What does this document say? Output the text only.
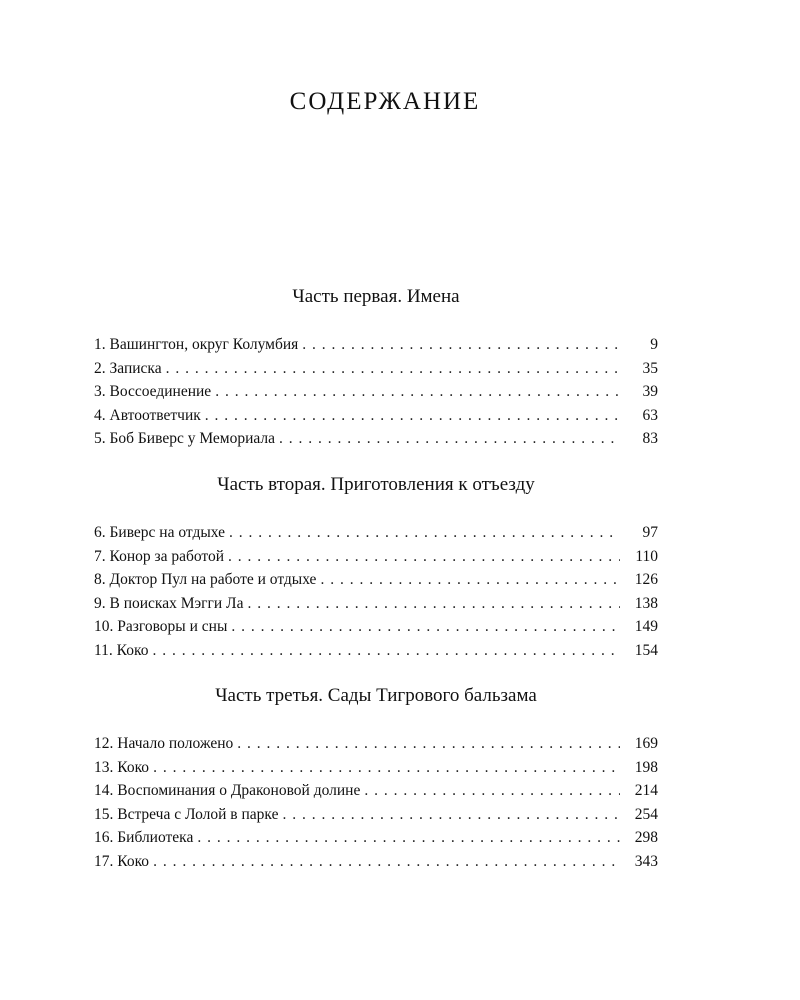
СОДЕРЖАНИЕ
Часть первая. Имена
1. Вашингтон, округ Колумбия . . .	9
2. Записка . . .	35
3. Воссоединение . . .	39
4. Автоответчик . . .	63
5. Боб Биверс у Мемориала . . .	83
Часть вторая. Приготовления к отъезду
6. Биверс на отдыхе . . .	97
7. Конор за работой . . .	110
8. Доктор Пул на работе и отдыхе . . .	126
9. В поисках Мэгги Ла . . .	138
10. Разговоры и сны . . .	149
11. Коко . . .	154
Часть третья. Сады Тигрового бальзама
12. Начало положено . . .	169
13. Коко . . .	198
14. Воспоминания о Драконовой долине . . .	214
15. Встреча с Лолой в парке . . .	254
16. Библиотека . . .	298
17. Коко . . .	343
